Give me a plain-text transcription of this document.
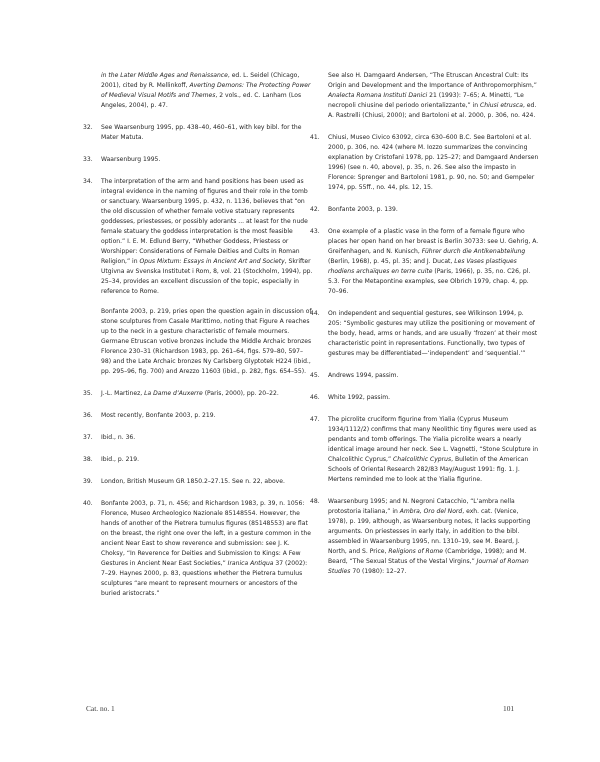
in the Later Middle Ages and Renaissance, ed. L. Seidel (Chicago, 2001), cited by R. Mellinkoff, Averting Demons: The Protecting Power of Medieval Visual Motifs and Themes, 2 vols., ed. C. Lanham (Los Angeles, 2004), p. 47.
32. See Waarsenburg 1995, pp. 438–40, 460–61, with key bibl. for the Mater Matuta.
33. Waarsenburg 1995.
34. The interpretation of the arm and hand positions has been used as integral evidence in the naming of figures and their role in the tomb or sanctuary. Waarsenburg 1995, p. 432, n. 1136, believes that “on the old discussion of whether female votive statuary represents goddesses, priestesses, or possibly adorants ... at least for the nude female statuary the goddess interpretation is the most feasible option.” I. E. M. Edlund Berry, “Whether Goddess, Priestess or Worshipper: Considerations of Female Deities and Cults in Roman Religion,” in Opus Mixtum: Essays in Ancient Art and Society, Skrifter Utgivna av Svenska Institutet i Rom, 8, vol. 21 (Stockholm, 1994), pp. 25–34, provides an excellent discussion of the topic, especially in reference to Rome.
Bonfante 2003, p. 219, pries open the question again in discussion of stone sculptures from Casale Marittimo, noting that Figure A reaches up to the neck in a gesture characteristic of female mourners. Germane Etruscan votive bronzes include the Middle Archaic bronzes Florence 230–31 (Richardson 1983, pp. 261–64, figs. 579–80, 597–98) and the Late Archaic bronzes Ny Carlsberg Glyptotek H224 (ibid., pp. 295–96, fig. 700) and Arezzo 11603 (ibid., p. 282, figs. 654–55).
35. J.-L. Martinez, La Dame d’Auxerre (Paris, 2000), pp. 20–22.
36. Most recently, Bonfante 2003, p. 219.
37. Ibid., n. 36.
38. Ibid., p. 219.
39. London, British Museum GR 1850.2–27.15. See n. 22, above.
40. Bonfante 2003, p. 71, n. 456; and Richardson 1983, p. 39, n. 1056: Florence, Museo Archeologico Nazionale 85148554. However, the hands of another of the Pietrera tumulus figures (85148553) are flat on the breast, the right one over the left, in a gesture common in the ancient Near East to show reverence and submission: see J. K. Choksy, “In Reverence for Deities and Submission to Kings: A Few Gestures in Ancient Near East Societies,” Iranica Antiqua 37 (2002): 7–29. Haynes 2000, p. 83, questions whether the Pietrera tumulus sculptures “are meant to represent mourners or ancestors of the buried aristocrats.”
See also H. Damgaard Andersen, “The Etruscan Ancestral Cult: Its Origin and Development and the Importance of Anthropomorphism,” Analecta Romana Instituti Danici 21 (1993): 7–65; A. Minetti, “Le necropoli chiusine del periodo orientalizzante,” in Chiusi etrusca, ed. A. Rastrelli (Chiusi, 2000); and Bartoloni et al. 2000, p. 306, no. 424.
41. Chiusi, Museo Civico 63092, circa 630–600 B.C. See Bartoloni et al. 2000, p. 306, no. 424 (where M. Iozzo summarizes the convincing explanation by Cristofani 1978, pp. 125–27; and Damgaard Andersen 1996) (see n. 40, above), p. 35, n. 26. See also the impasto in Florence: Sprenger and Bartoloni 1981, p. 90, no. 50; and Gempeler 1974, pp. 55ff., no. 44, pls. 12, 15.
42. Bonfante 2003, p. 139.
43. One example of a plastic vase in the form of a female figure who places her open hand on her breast is Berlin 30733: see U. Gehrig, A. Greifenhagen, and N. Kunisch, Führer durch die Antikenabteilung (Berlin, 1968), p. 45, pl. 35; and J. Ducat, Les Vases plastiques rhodiens archaïques en terre cuite (Paris, 1966), p. 35, no. C26, pl. 5.3. For the Metapontine examples, see Olbrich 1979, chap. 4, pp. 70–96.
44. On independent and sequential gestures, see Wilkinson 1994, p. 205: “Symbolic gestures may utilize the positioning or movement of the body, head, arms or hands, and are usually ‘frozen’ at their most characteristic point in representations. Functionally, two types of gestures may be differentiated—‘independent’ and ‘sequential.’”
45. Andrews 1994, passim.
46. White 1992, passim.
47. The picrolite cruciform figurine from Yialia (Cyprus Museum 1934/1112/2) confirms that many Neolithic tiny figures were used as pendants and tomb offerings. The Yialia picrolite wears a nearly identical image around her neck. See L. Vagnetti, “Stone Sculpture in Chalcolithic Cyprus,” Chalcolithic Cyprus, Bulletin of the American Schools of Oriental Research 282/83 May/August 1991: fig. 1. J. Mertens reminded me to look at the Yialia figurine.
48. Waarsenburg 1995; and N. Negroni Catacchio, “L’ambra nella protostoria italiana,” in Ambra, Oro del Nord, exh. cat. (Venice, 1978), p. 199, although, as Waarsenburg notes, it lacks supporting arguments. On priestesses in early Italy, in addition to the bibl. assembled in Waarsenburg 1995, nn. 1310–19, see M. Beard, J. North, and S. Price, Religions of Rome (Cambridge, 1998); and M. Beard, “The Sexual Status of the Vestal Virgins,” Journal of Roman Studies 70 (1980): 12–27.
Cat. no. 1	101
